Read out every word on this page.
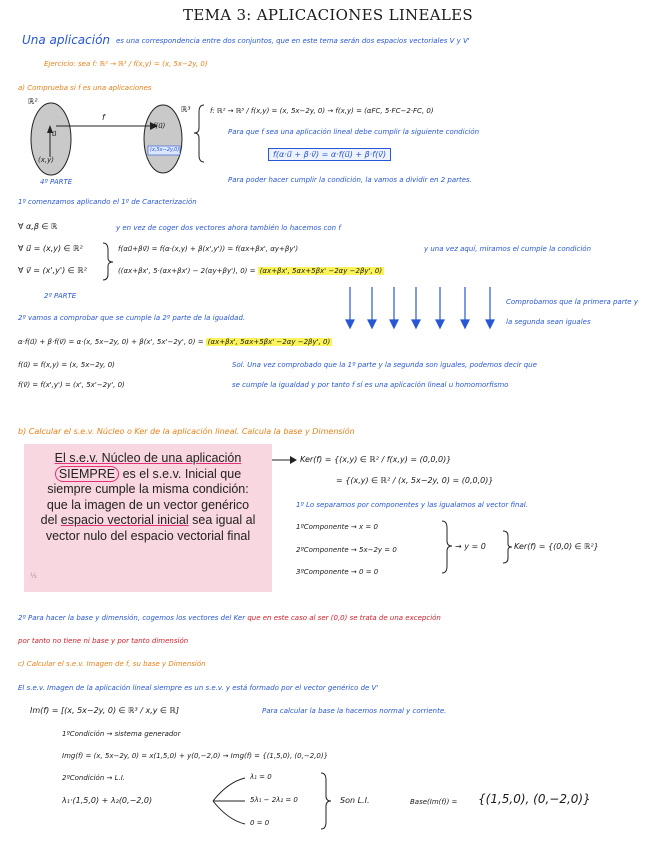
TEMA 3: APLICACIONES LINEALES
Una aplicación es una correspondencia entre dos conjuntos, que en este tema serán dos espacios vectoriales V y V'
Ejercicio: sea f: ℝ² → ℝ³ / f(x,y) = (x, 5x−2y, 0)
a) Comprueba si f es una aplicaciones
ℝ²
ℝ³
f
u⃗
(x,y)
f(u⃗)
(x,5x−2y,0)
4º PARTE
f: ℝ² → ℝ³ / f(x,y) = (x, 5x−2y, 0) → f(x,y) = (αFC, 5·FC−2·FC, 0)
Para que f sea una aplicación lineal debe cumplir la siguiente condición
f(α·u⃗ + β·v⃗) = α·f(u⃗) + β·f(v⃗)
Para poder hacer cumplir la condición, la vamos a dividir en 2 partes.
1º comenzamos aplicando el 1º de Caracterización
∀ α,β ∈ ℝ	y en vez de coger dos vectores ahora también lo hacemos con f
∀ u⃗ = (x,y) ∈ ℝ²
∀ v⃗ = (x',y') ∈ ℝ²
f(αu⃗+βv⃗) = f(α·(x,y) + β(x',y')) = f(αx+βx', αy+βy')	y una vez aquí, miramos el cumple la condición
((αx+βx', 5·(αx+βx') − 2(αy+βy'), 0) = (αx+βx', 5αx+5βx' −2αy −2βy', 0)
2º PARTE
Comprobamos que la primera parte y la segunda sean iguales
2º vamos a comprobar que se cumple la 2º parte de la igualdad.
α·f(u⃗) + β·f(v⃗) = α·(x, 5x−2y, 0) + β(x', 5x'−2y', 0) = (αx+βx', 5αx+5βx' −2αy −2βy', 0)
f(u⃗) = f(x,y) = (x, 5x−2y, 0)	Sol. Una vez comprobado que la 1º parte y la segunda son iguales, podemos decir que
f(v⃗) = f(x',y') = (x', 5x'−2y', 0)	se cumple la igualdad y por tanto f sí es una aplicación lineal u homomorfismo
b) Calcular el s.e.v. Núcleo o Ker de la aplicación lineal. Calcula la base y Dimensión
El s.e.v. Núcleo de una aplicación
SIEMPRE es el s.e.v. Inicial que
siempre cumple la misma condición:
que la imagen de un vector genérico
del espacio vectorial inicial sea igual al
vector nulo del espacio vectorial final
½
Ker(f) = {(x,y) ∈ ℝ² / f(x,y) = (0,0,0)}
= {(x,y) ∈ ℝ² / (x, 5x−2y, 0) = (0,0,0)}
1º Lo separamos por componentes y las igualamos al vector final.
1ºComponente → x = 0
2ºComponente → 5x−2y = 0
3ºComponente → 0 = 0
→ y = 0	Ker(f) = {(0,0) ∈ ℝ²}
2º Para hacer la base y dimensión, cogemos los vectores del Ker que en este caso al ser (0,0) se trata de una excepción
por tanto no tiene ni base y por tanto dimensión
c) Calcular el s.e.v. Imagen de f, su base y Dimensión
El s.e.v. Imagen de la aplicación lineal siempre es un s.e.v. y está formado por el vector genérico de V'
Im(f) = [(x, 5x−2y, 0) ∈ ℝ³ / x,y ∈ ℝ]	Para calcular la base la hacemos normal y corriente.
1ºCondición → sistema generador
Img(f) = (x, 5x−2y, 0) = x(1,5,0) + y(0,−2,0) → Img(f) = {(1,5,0), (0,−2,0)}
2ºCondición → L.I.
λ₁·(1,5,0) + λ₂(0,−2,0)
λ₁ = 0
5λ₁ − 2λ₂ = 0
0 = 0
Son L.I.	Base(Im(f)) = {(1,5,0), (0,−2,0)}
